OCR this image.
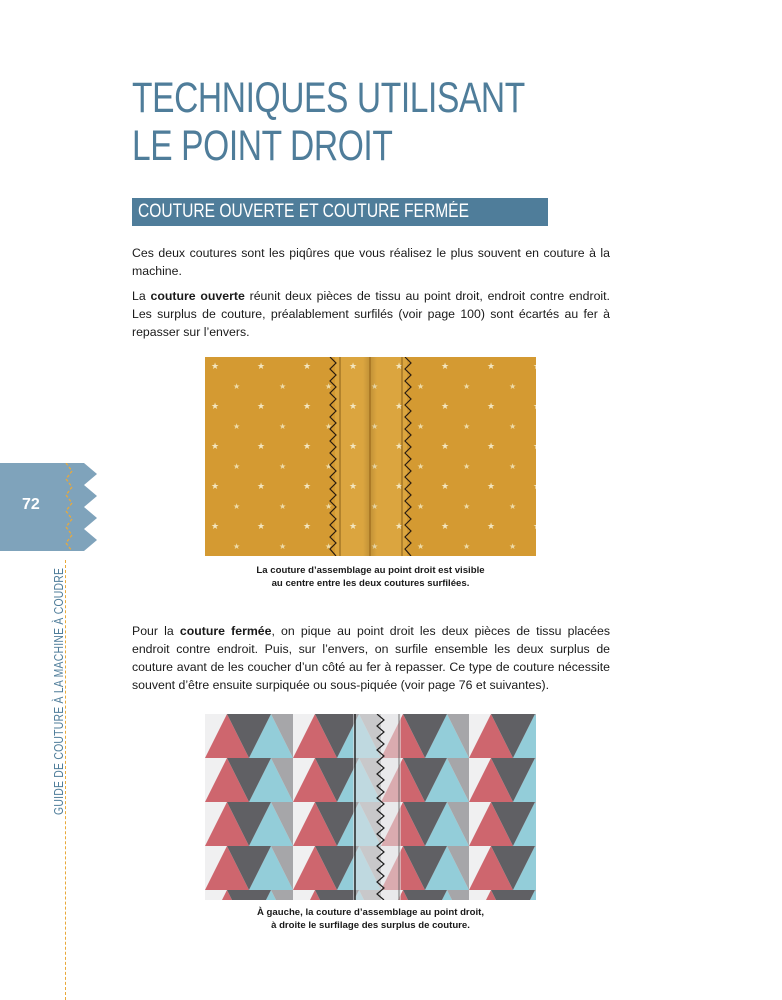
TECHNIQUES UTILISANT
LE POINT DROIT
COUTURE OUVERTE ET COUTURE FERMÉE

Ces deux coutures sont les piqûres que vous réalisez le plus souvent en couture à la machine.

La couture ouverte réunit deux pièces de tissu au point droit, endroit contre endroit. Les surplus de couture, préalablement surfilés (voir page 100) sont écartés au fer à repasser sur l’envers.

La couture d’assemblage au point droit est visible
au centre entre les deux coutures surfilées.

Pour la couture fermée, on pique au point droit les deux pièces de tissu placées endroit contre endroit. Puis, sur l’envers, on surfile ensemble les deux surplus de couture avant de les coucher d’un côté au fer à repasser. Ce type de couture nécessite souvent d’être ensuite surpiquée ou sous-piquée (voir page 76 et suivantes).

À gauche, la couture d’assemblage au point droit,
à droite le surfilage des surplus de couture.
72
GUIDE DE COUTURE À LA MACHINE À COUDRE
